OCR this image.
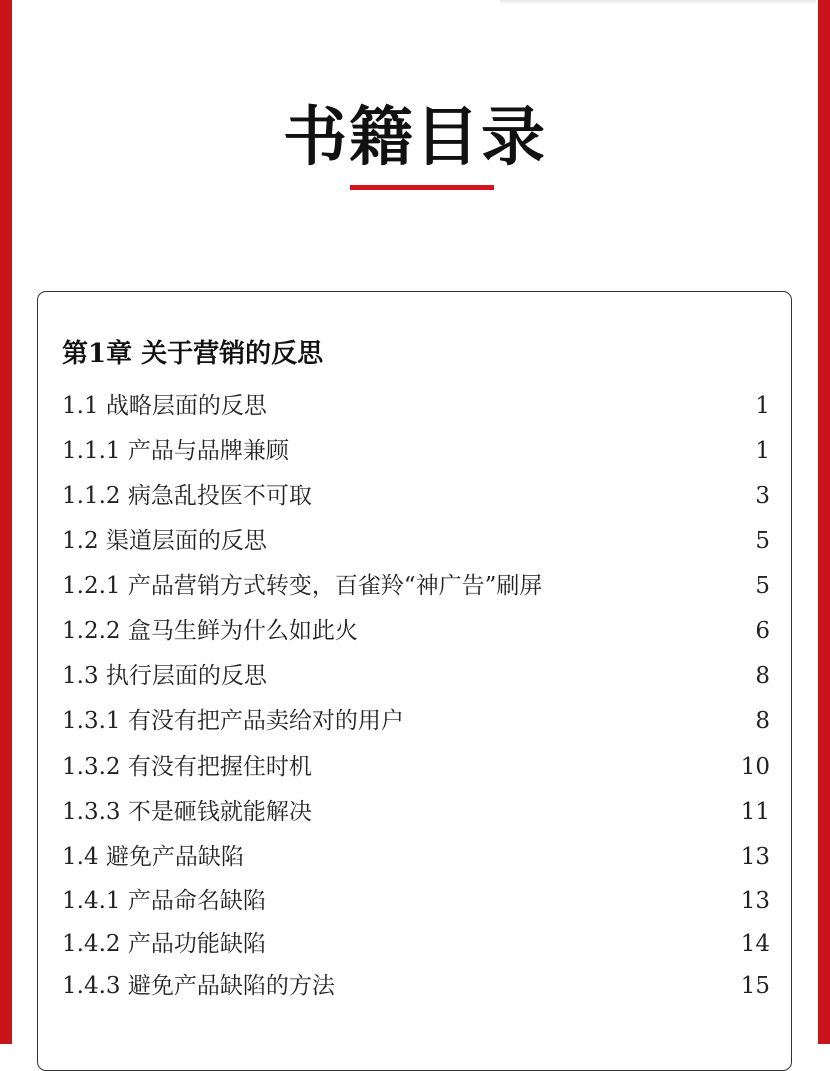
书籍目录
第1章 关于营销的反思
1.1 战略层面的反思	1
1.1.1 产品与品牌兼顾	1
1.1.2 病急乱投医不可取	3
1.2 渠道层面的反思	5
1.2.1 产品营销方式转变，百雀羚“神广告”刷屏	5
1.2.2 盒马生鲜为什么如此火	6
1.3 执行层面的反思	8
1.3.1 有没有把产品卖给对的用户	8
1.3.2 有没有把握住时机	10
1.3.3 不是砸钱就能解决	11
1.4 避免产品缺陷	13
1.4.1 产品命名缺陷	13
1.4.2 产品功能缺陷	14
1.4.3 避免产品缺陷的方法	15
